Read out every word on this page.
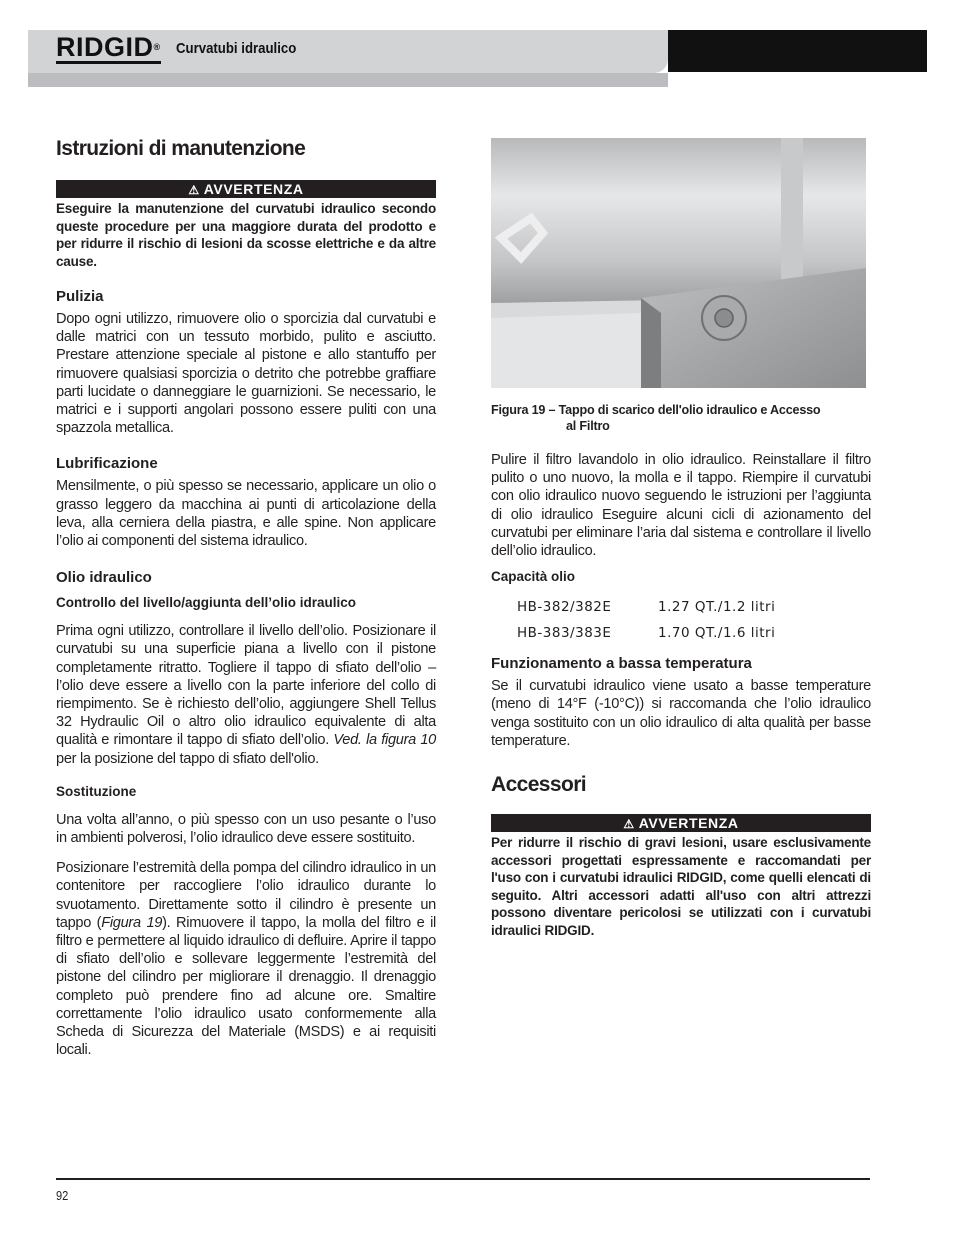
RIDGID® Curvatubi idraulico
Istruzioni di manutenzione
⚠ AVVERTENZA
Eseguire la manutenzione del curvatubi idraulico secondo queste procedure per una maggiore durata del prodotto e per ridurre il rischio di lesioni da scosse elettriche e da altre cause.
Pulizia

Dopo ogni utilizzo, rimuovere olio o sporcizia dal curvatubi e dalle matrici con un tessuto morbido, pulito e asciutto. Prestare attenzione speciale al pistone e allo stantuffo per rimuovere qualsiasi sporcizia o detrito che potrebbe graffiare parti lucidate o danneggiare le guarnizioni. Se necessario, le matrici e i supporti angolari possono essere puliti con una spazzola metallica.

Lubrificazione

Mensilmente, o più spesso se necessario, applicare un olio o grasso leggero da macchina ai punti di articolazione della leva, alla cerniera della piastra, e alle spine. Non applicare l’olio ai componenti del sistema idraulico.

Olio idraulico
Controllo del livello/aggiunta dell’olio idraulico

Prima ogni utilizzo, controllare il livello dell’olio. Posizionare il curvatubi su una superficie piana a livello con il pistone completamente ritratto. Togliere il tappo di sfiato dell’olio – l’olio deve essere a livello con la parte inferiore del collo di riempimento. Se è richiesto dell’olio, aggiungere Shell Tellus 32 Hydraulic Oil o altro olio idraulico equivalente di alta qualità e rimontare il tappo di sfiato dell’olio. Ved. la figura 10 per la posizione del tappo di sfiato dell'olio.

Sostituzione

Una volta all’anno, o più spesso con un uso pesante o l’uso in ambienti polverosi, l’olio idraulico deve essere sostituito.

Posizionare l’estremità della pompa del cilindro idraulico in un contenitore per raccogliere l’olio idraulico durante lo svuotamento. Direttamente sotto il cilindro è presente un tappo (Figura 19). Rimuovere il tappo, la molla del filtro e il filtro e permettere al liquido idraulico di defluire. Aprire il tappo di sfiato dell’olio e sollevare leggermente l’estremità del pistone del cilindro per migliorare il drenaggio. Il drenaggio completo può prendere fino ad alcune ore. Smaltire correttamente l’olio idraulico usato conformemente alla Scheda di Sicurezza del Materiale (MSDS) e ai requisiti locali.

Figura 19 – Tappo di scarico dell'olio idraulico e Accesso
al Filtro

Pulire il filtro lavandolo in olio idraulico. Reinstallare il filtro pulito o uno nuovo, la molla e il tappo. Riempire il curvatubi con olio idraulico nuovo seguendo le istruzioni per l’aggiunta di olio idraulico Eseguire alcuni cicli di azionamento del curvatubi per eliminare l’aria dal sistema e controllare il livello dell’olio idraulico.

Capacità olio
HB-382/382E	1.27 QT./1.2 litri
HB-383/383E	1.70 QT./1.6 litri
Funzionamento a bassa temperatura

Se il curvatubi idraulico viene usato a basse temperature (meno di 14°F (-10°C)) si raccomanda che l’olio idraulico venga sostituito con un olio idraulico di alta qualità per basse temperature.

Accessori
⚠ AVVERTENZA
Per ridurre il rischio di gravi lesioni, usare esclusivamente accessori progettati espressamente e raccomandati per l'uso con i curvatubi idraulici RIDGID, come quelli elencati di seguito. Altri accessori adatti all'uso con altri attrezzi possono diventare pericolosi se utilizzati con i curvatubi idraulici RIDGID.
92
